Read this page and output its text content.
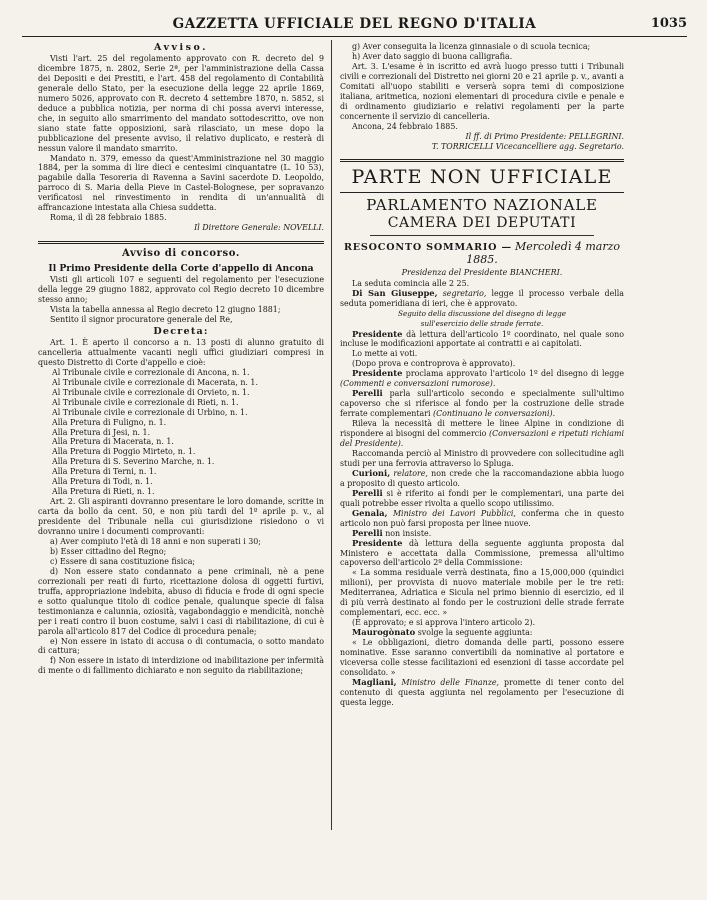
GAZZETTA UFFICIALE DEL REGNO D'ITALIA	1035
Avviso.

Visti l'art. 25 del regolamento approvato con R. decreto del 9 dicembre 1875, n. 2802, Serie 2ª, per l'amministrazione della Cassa dei Depositi e dei Prestiti, e l'art. 458 del regolamento di Contabilità generale dello Stato, per la esecuzione della legge 22 aprile 1869, numero 5026, approvato con R. decreto 4 settembre 1870, n. 5852, si deduce a pubblica notizia, per norma di chi possa avervi interesse, che, in seguito allo smarrimento del mandato sottodescritto, ove non siano state fatte opposizioni, sarà rilasciato, un mese dopo la pubblicazione del presente avviso, il relativo duplicato, e resterà di nessun valore il mandato smarrito.

Mandato n. 379, emesso da quest'Amministrazione nel 30 maggio 1884, per la somma di lire dieci e centesimi cinquantatre (L. 10 53), pagabile dalla Tesoreria di Ravenna a Savini sacerdote D. Leopoldo, parroco di S. Maria della Pieve in Castel-Bolognese, per sopravanzo verificatosi nel rinvestimento in rendita di un'annualità di affrancazione intestata alla Chiesa suddetta.

Roma, il dì 28 febbraio 1885.

Il Direttore Generale: NOVELLI.

Avviso di concorso.
Il Primo Presidente della Corte d'appello di Ancona

Visti gli articoli 107 e seguenti del regolamento per l'esecuzione della legge 29 giugno 1882, approvato col Regio decreto 10 dicembre stesso anno;

Vista la tabella annessa al Regio decreto 12 giugno 1881;

Sentito il signor procuratore generale del Re,

Decreta:

Art. 1. È aperto il concorso a n. 13 posti di alunno gratuito di cancelleria attualmente vacanti negli uffici giudiziari compresi in questo Distretto di Corte d'appello e cioè:

Al Tribunale civile e correzionale di Ancona, n. 1.

Al Tribunale civile e correzionale di Macerata, n. 1.

Al Tribunale civile e correzionale di Orvieto, n. 1.

Al Tribunale civile e correzionale di Rieti, n. 1.

Al Tribunale civile e correzionale di Urbino, n. 1.

Alla Pretura di Fuligno, n. 1.

Alla Pretura di Jesi, n. 1.

Alla Pretura di Macerata, n. 1.

Alla Pretura di Poggio Mirteto, n. 1.

Alla Pretura di S. Severino Marche, n. 1.

Alla Pretura di Terni, n. 1.

Alla Pretura di Todi, n. 1.

Alla Pretura di Rieti, n. 1.

Art. 2. Gli aspiranti dovranno presentare le loro domande, scritte in carta da bollo da cent. 50, e non più tardi del 1º aprile p. v., al presidente del Tribunale nella cui giurisdizione risiedono o vi dovranno unire i documenti comprovanti:

a) Aver compiuto l'età di 18 anni e non superati i 30;

b) Esser cittadino del Regno;

c) Essere di sana costituzione fisica;

d) Non essere stato condannato a pene criminali, nè a pene correzionali per reati di furto, ricettazione dolosa di oggetti furtivi, truffa, appropriazione indebita, abuso di fiducia e frode di ogni specie e sotto qualunque titolo di codice penale, qualunque specie di falsa testimonianza e calunnia, oziosità, vagabondaggio e mendicità, nonchè per i reati contro il buon costume, salvi i casi di riabilitazione, di cui è parola all'articolo 817 del Codice di procedura penale;

e) Non essere in istato di accusa o di contumacia, o sotto mandato di cattura;

f) Non essere in istato di interdizione od inabilitazione per infermità di mente o di fallimento dichiarato e non seguito da riabilitazione;

g) Aver conseguita la licenza ginnasiale o di scuola tecnica;

h) Aver dato saggio di buona calligrafia.

Art. 3. L'esame è in iscritto ed avrà luogo presso tutti i Tribunali civili e correzionali del Distretto nei giorni 20 e 21 aprile p. v., avanti a Comitati all'uopo stabiliti e verserà sopra temi di composizione italiana, aritmetica, nozioni elementari di procedura civile e penale e di ordinamento giudiziario e relativi regolamenti per la parte concernente il servizio di cancelleria.

Ancona, 24 febbraio 1885.

Il ff. di Primo Presidente: PELLEGRINI.

T. TORRICELLI Vicecancelliere agg. Segretario.

PARTE NON UFFICIALE
PARLAMENTO NAZIONALE
CAMERA DEI DEPUTATI
RESOCONTO SOMMARIO — Mercoledì 4 marzo 1885.
Presidenza del Presidente BIANCHERI.

La seduta comincia alle 2 25.

Di San Giuseppe, segretario, legge il processo verbale della seduta pomeridiana di ieri, che è approvato.

Seguito della discussione del disegno di legge
sull'esercizio delle strade ferrate.

Presidente dà lettura dell'articolo 1º coordinato, nel quale sono incluse le modificazioni apportate ai contratti e ai capitolati.

Lo mette ai voti.

(Dopo prova e controprova è approvato).

Presidente proclama approvato l'articolo 1º del disegno di legge (Commenti e conversazioni rumorose).

Perelli parla sull'articolo secondo e specialmente sull'ultimo capoverso che si riferisce al fondo per la costruzione delle strade ferrate complementari (Continuano le conversazioni).

Rileva la necessità di mettere le linee Alpine in condizione di rispondere ai bisogni del commercio (Conversazioni e ripetuti richiami del Presidente).

Raccomanda perciò al Ministro di provvedere con sollecitudine agli studi per una ferrovia attraverso lo Spluga.

Curioni, relatore, non crede che la raccomandazione abbia luogo a proposito di questo articolo.

Perelli si è riferito ai fondi per le complementari, una parte dei quali potrebbe esser rivolta a quello scopo utilissimo.

Genala, Ministro dei Lavori Pubblici, conferma che in questo articolo non può farsi proposta per linee nuove.

Perelli non insiste.

Presidente dà lettura della seguente aggiunta proposta dal Ministero e accettata dalla Commissione, premessa all'ultimo capoverso dell'articolo 2º della Commissione:

« La somma residuale verrà destinata, fino a 15,000,000 (quindici milioni), per provvista di nuovo materiale mobile per le tre reti: Mediterranea, Adriatica e Sicula nel primo biennio di esercizio, ed il di più verrà destinato al fondo per le costruzioni delle strade ferrate complementari, ecc. ecc. »

(È approvato; e si approva l'intero articolo 2).

Maurogònato svolge la seguente aggiunta:

« Le obbligazioni, dietro domanda delle parti, possono essere nominative. Esse saranno convertibili da nominative al portatore e viceversa colle stesse facilitazioni ed esenzioni di tasse accordate pel consolidato. »

Magliani, Ministro delle Finanze, promette di tener conto del contenuto di questa aggiunta nel regolamento per l'esecuzione di questa legge.
